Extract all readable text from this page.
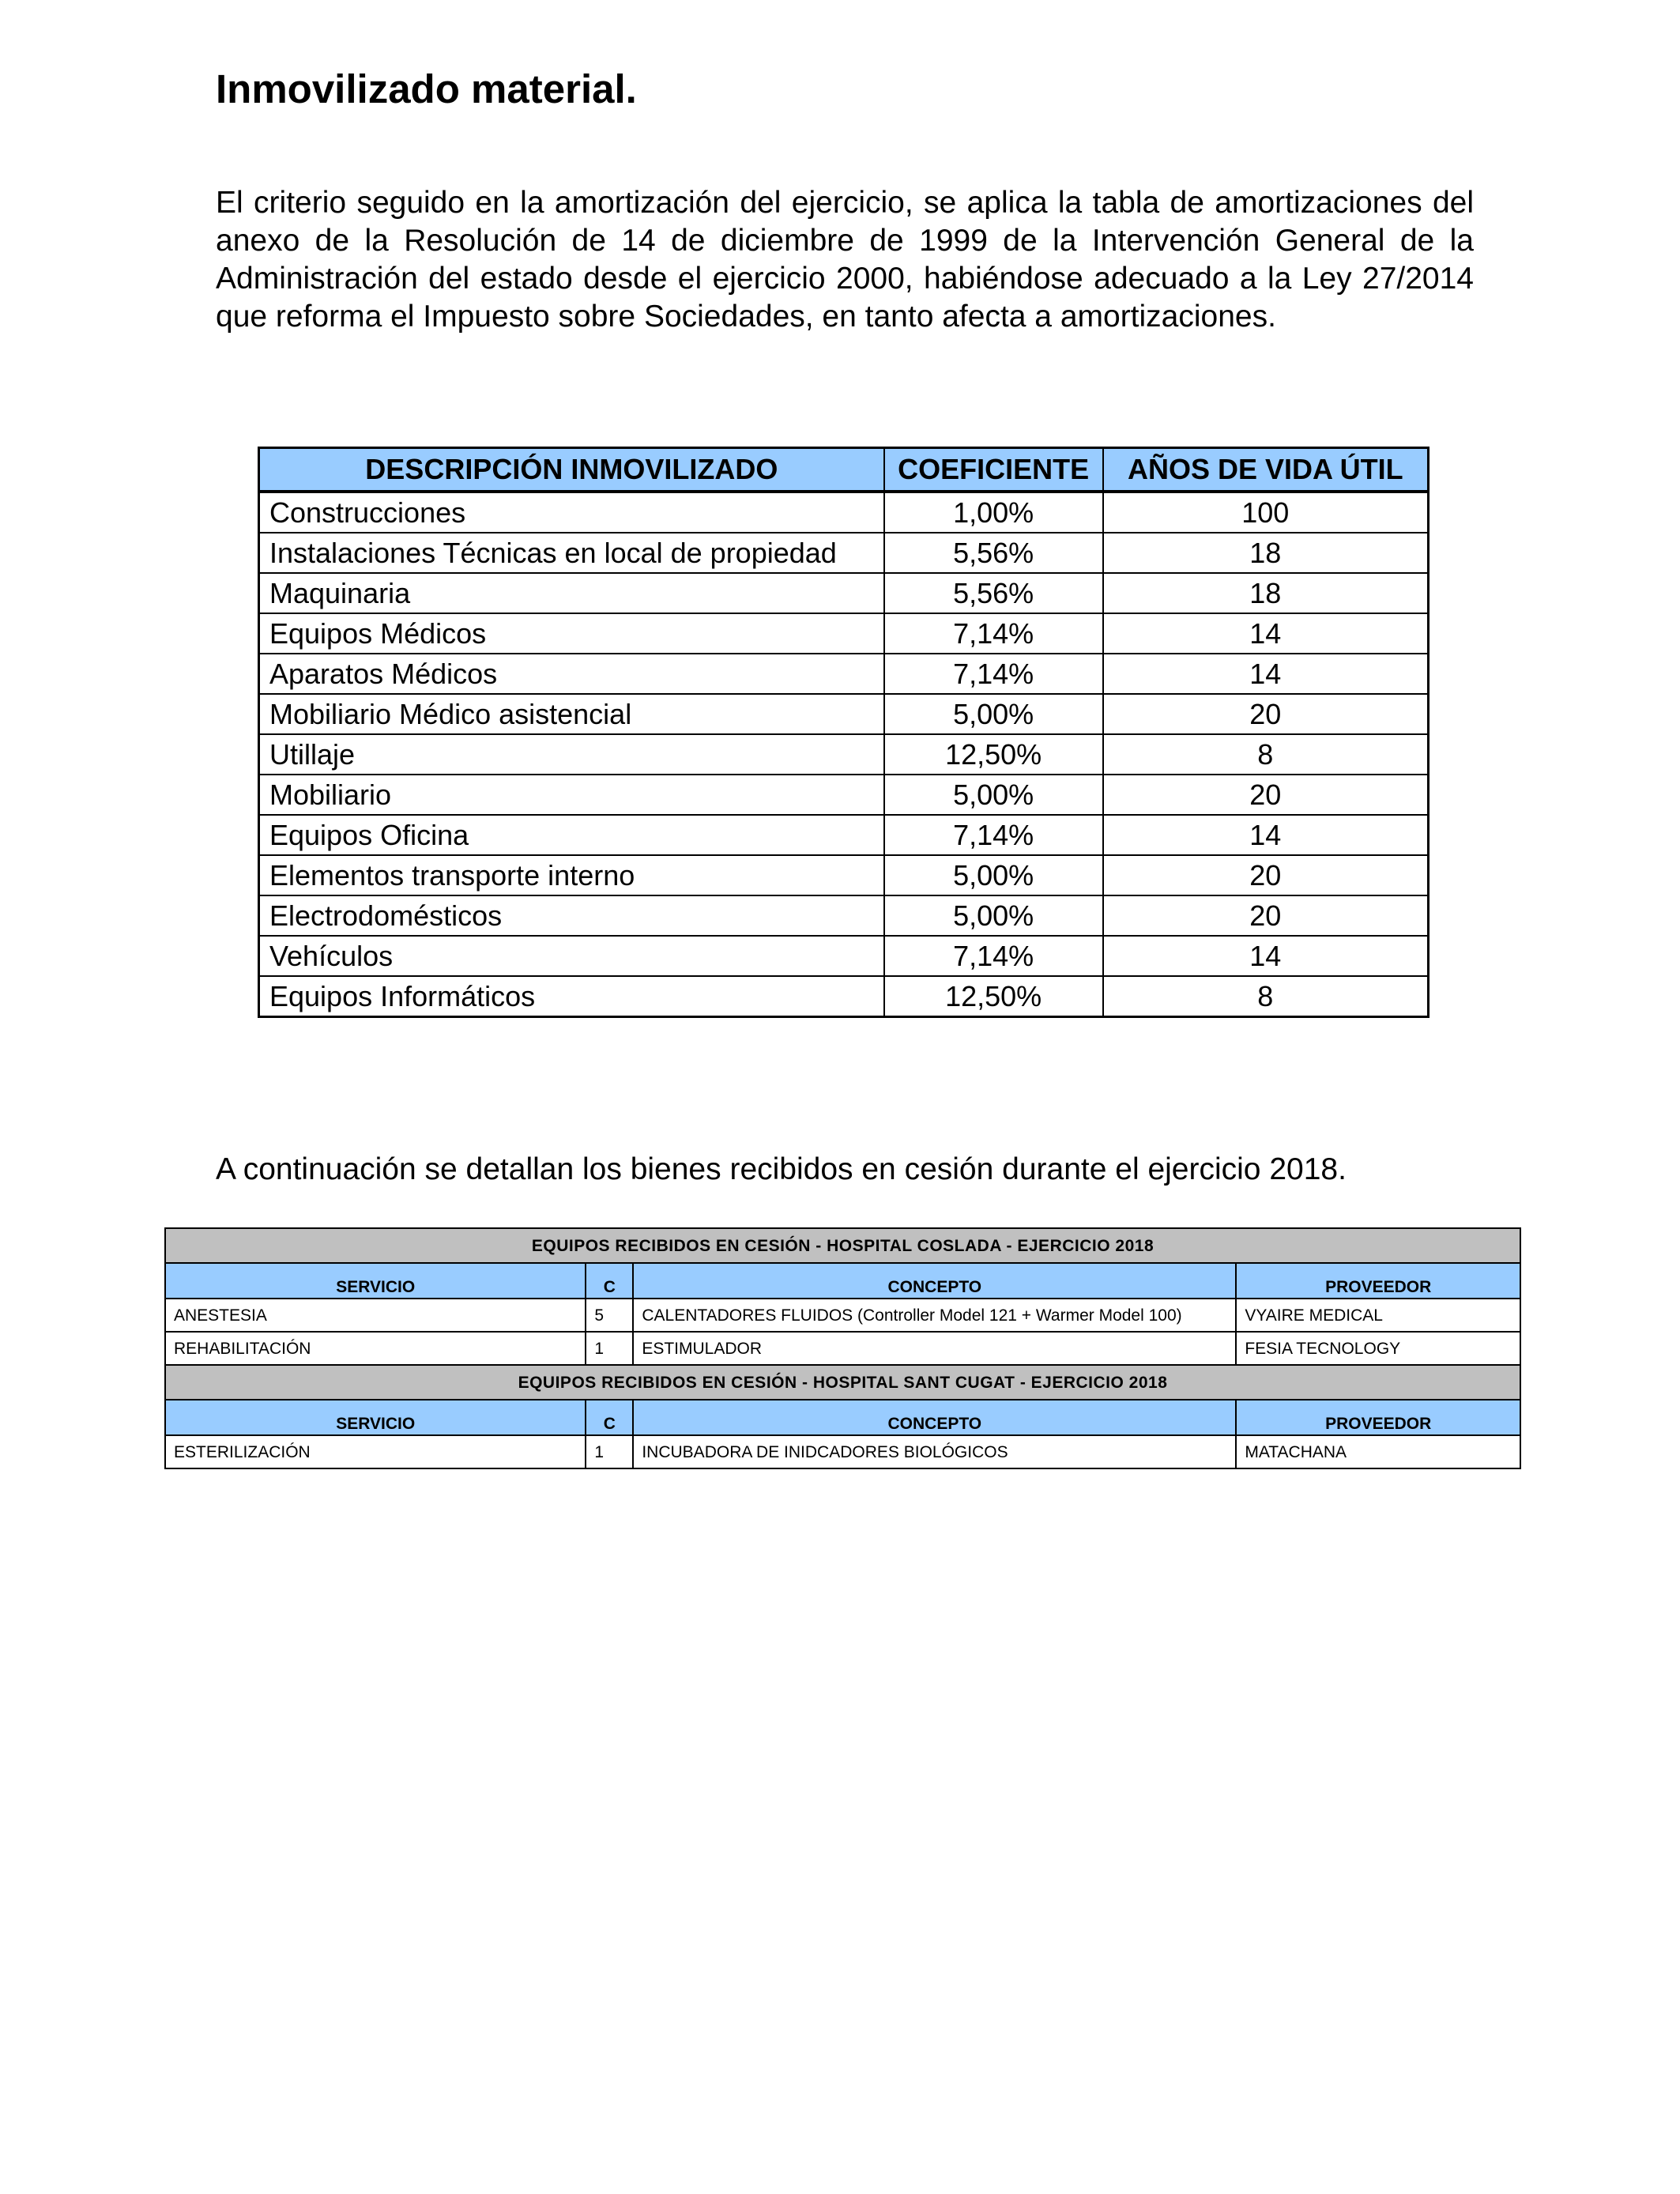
Inmovilizado material.

El criterio seguido en la amortización del ejercicio, se aplica la tabla de amortizaciones del anexo de la Resolución de 14 de diciembre de 1999 de la Intervención General de la Administración del estado desde el ejercicio 2000, habiéndose adecuado a la Ley 27/2014 que reforma el Impuesto sobre Sociedades, en tanto afecta a amortizaciones.

DESCRIPCIÓN INMOVILIZADO	COEFICIENTE	AÑOS DE VIDA ÚTIL
Construcciones	1,00%	100
Instalaciones Técnicas en local de propiedad	5,56%	18
Maquinaria	5,56%	18
Equipos Médicos	7,14%	14
Aparatos Médicos	7,14%	14
Mobiliario Médico asistencial	5,00%	20
Utillaje	12,50%	8
Mobiliario	5,00%	20
Equipos Oficina	7,14%	14
Elementos transporte interno	5,00%	20
Electrodomésticos	5,00%	20
Vehículos	7,14%	14
Equipos Informáticos	12,50%	8

A continuación se detallan los bienes recibidos en cesión durante el ejercicio 2018.

EQUIPOS RECIBIDOS EN CESIÓN - HOSPITAL COSLADA - EJERCICIO 2018			
SERVICIO	C	CONCEPTO	PROVEEDOR
ANESTESIA	5	CALENTADORES FLUIDOS (Controller Model 121 + Warmer Model 100)	VYAIRE MEDICAL
REHABILITACIÓN	1	ESTIMULADOR	FESIA TECNOLOGY
EQUIPOS RECIBIDOS EN CESIÓN - HOSPITAL SANT CUGAT - EJERCICIO 2018			
SERVICIO	C	CONCEPTO	PROVEEDOR
ESTERILIZACIÓN	1	INCUBADORA DE INIDCADORES BIOLÓGICOS	MATACHANA
